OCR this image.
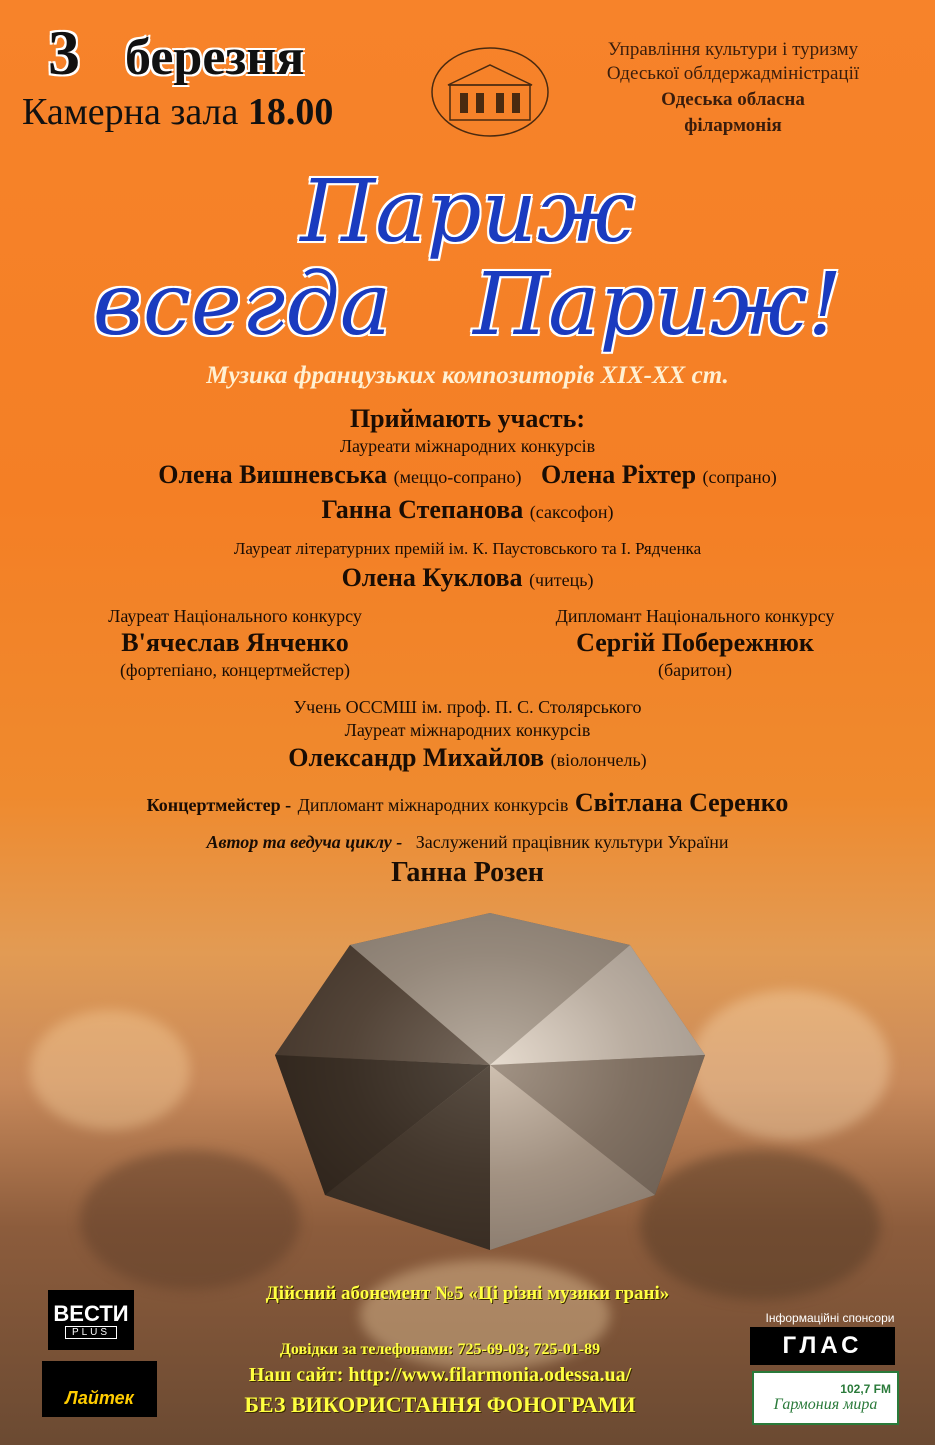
3 березня
Камерна зала 18.00
Управління культури і туризму
Одеської облдержадміністрації
Одеська обласна
філармонія
Париж
всегда   Париж!
Музика французьких композиторів XIX-XX ст.
Приймають участь:
Лауреати міжнародних конкурсів
Олена Вишневська (меццо-сопрано) Олена Ріхтер (сопрано)
Ганна Степанова (саксофон)
Лауреат літературних премій ім. К. Паустовського та І. Рядченка
Олена Куклова (читець)
Лауреат Національного конкурсу
В'ячеслав Янченко
(фортепіано, концертмейстер)
Дипломант Національного конкурсу
Сергій Побережнюк
(баритон)
Учень ОССМШ ім. проф. П. С. Столярського
Лауреат міжнародних конкурсів
Олександр Михайлов (віолончель)
Концертмейстер - Дипломант міжнародних конкурсів Світлана Серенко
Автор та ведуча циклу - Заслужений працівник культури України
Ганна Розен
Дійсний абонемент №5 «Ці різні музики грані»
Довідки за телефонами: 725-69-03; 725-01-89
Наш сайт: http://www.filarmonia.odessa.ua/
БЕЗ ВИКОРИСТАННЯ ФОНОГРАМИ
Інформаційні спонсори
ВЕСТИ
PLUS
Лайтек
ГЛАС
102,7 FM
Гармония мира
